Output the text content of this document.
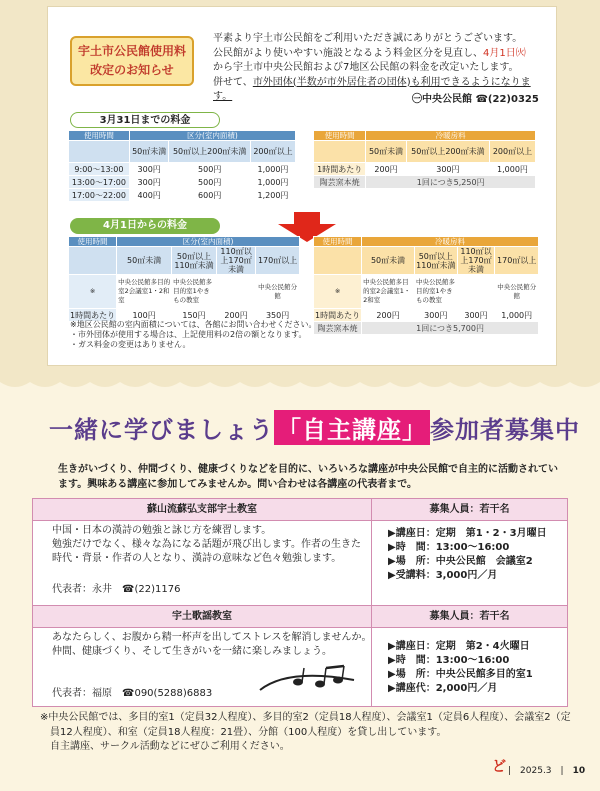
宇土市公民館使用料
改定のお知らせ

平素より宇土市公民館をご利用いただき誠にありがとうございます。

公民館がより使いやすい施設となるよう料金区分を見直し、4月1日㈫

から宇土市中央公民館および7地区公民館の料金を改定いたします。

併せて、市外団体(半数が市外居住者の団体)も利用できるようになりま

す。	㊀中央公民館 ☎(22)0325
3月31日までの料金
使用時間	区分(室内面積)		
	50㎡未満	50㎡以上200㎡未満	200㎡以上
9:00～13:00	300円	500円	1,000円
13:00～17:00	300円	500円	1,000円
17:00～22:00	400円	600円	1,200円
使用時間	冷暖房料		
	50㎡未満	50㎡以上200㎡未満	200㎡以上
1時間あたり	200円	300円	1,000円
陶芸窯本焼	1回につき5,250円		
4月1日からの料金
使用時間	区分(室内面積)			
	50㎡未満	50㎡以上110㎡未満	110㎡以上170㎡未満	170㎡以上
※	中央公民館多目的室2会議室1・2和室	中央公民館多目的室1やきもの教室		中央公民館分館
1時間あたり	100円	150円	200円	350円
使用時間	冷暖房料			
	50㎡未満	50㎡以上110㎡未満	110㎡以上170㎡未満	170㎡以上
※	中央公民館多目的室2会議室1・2和室	中央公民館多目的室1やきもの教室		中央公民館分館
1時間あたり	200円	300円	300円	1,000円
陶芸窯本焼	1回につき5,700円			

※地区公民館の室内面積については、各館にお問い合わせください。

・市外団体が使用する場合は、上記使用料の2倍の額となります。

・ガス料金の変更はありません。

一緒に学びましょう 「自主講座」 参加者募集中

生きがいづくり、仲間づくり、健康づくりなどを目的に、いろいろな講座が中央公民館で自主的に活動されてい

ます。興味ある講座に参加してみませんか。問い合わせは各講座の代表者まで。

蘇山流蘇弘支部宇土教室	募集人員：若干名

中国・日本の漢詩の勉強と詠じ方を練習します。

勉強だけでなく、様々な為になる話題が飛び出します。作者の生きた

時代・背景・作者の人となり、漢詩の意味など色々勉強します。

代表者：永井　☎(22)1176

▶講座日：定期　第1・2・3月曜日

▶時　間：13:00～16:00

▶場　所：中央公民館　会議室2

▶受講料：3,000円／月

宇土歌謡教室	募集人員：若干名

あなたらしく、お腹から精一杯声を出してストレスを解消しませんか。

仲間、健康づくり、そして生きがいを一緒に楽しみましょう。

代表者：福原　☎090(5288)6883

▶講座日：定期　第2・4火曜日

▶時　間：13:00～16:00

▶場　所：中央公民館多目的室1

▶講座代：2,000円／月

※中央公民館では、多目的室1（定員32人程度）、多目的室2（定員18人程度）、会議室1（定員6人程度）、会議室2（定

　員12人程度）、和室（定員18人程度：21畳）、分館（100人程度）を貸し出しています。

　自主講座、サークル活動などにぜひご利用ください。

ど |　2025.3　|　10
